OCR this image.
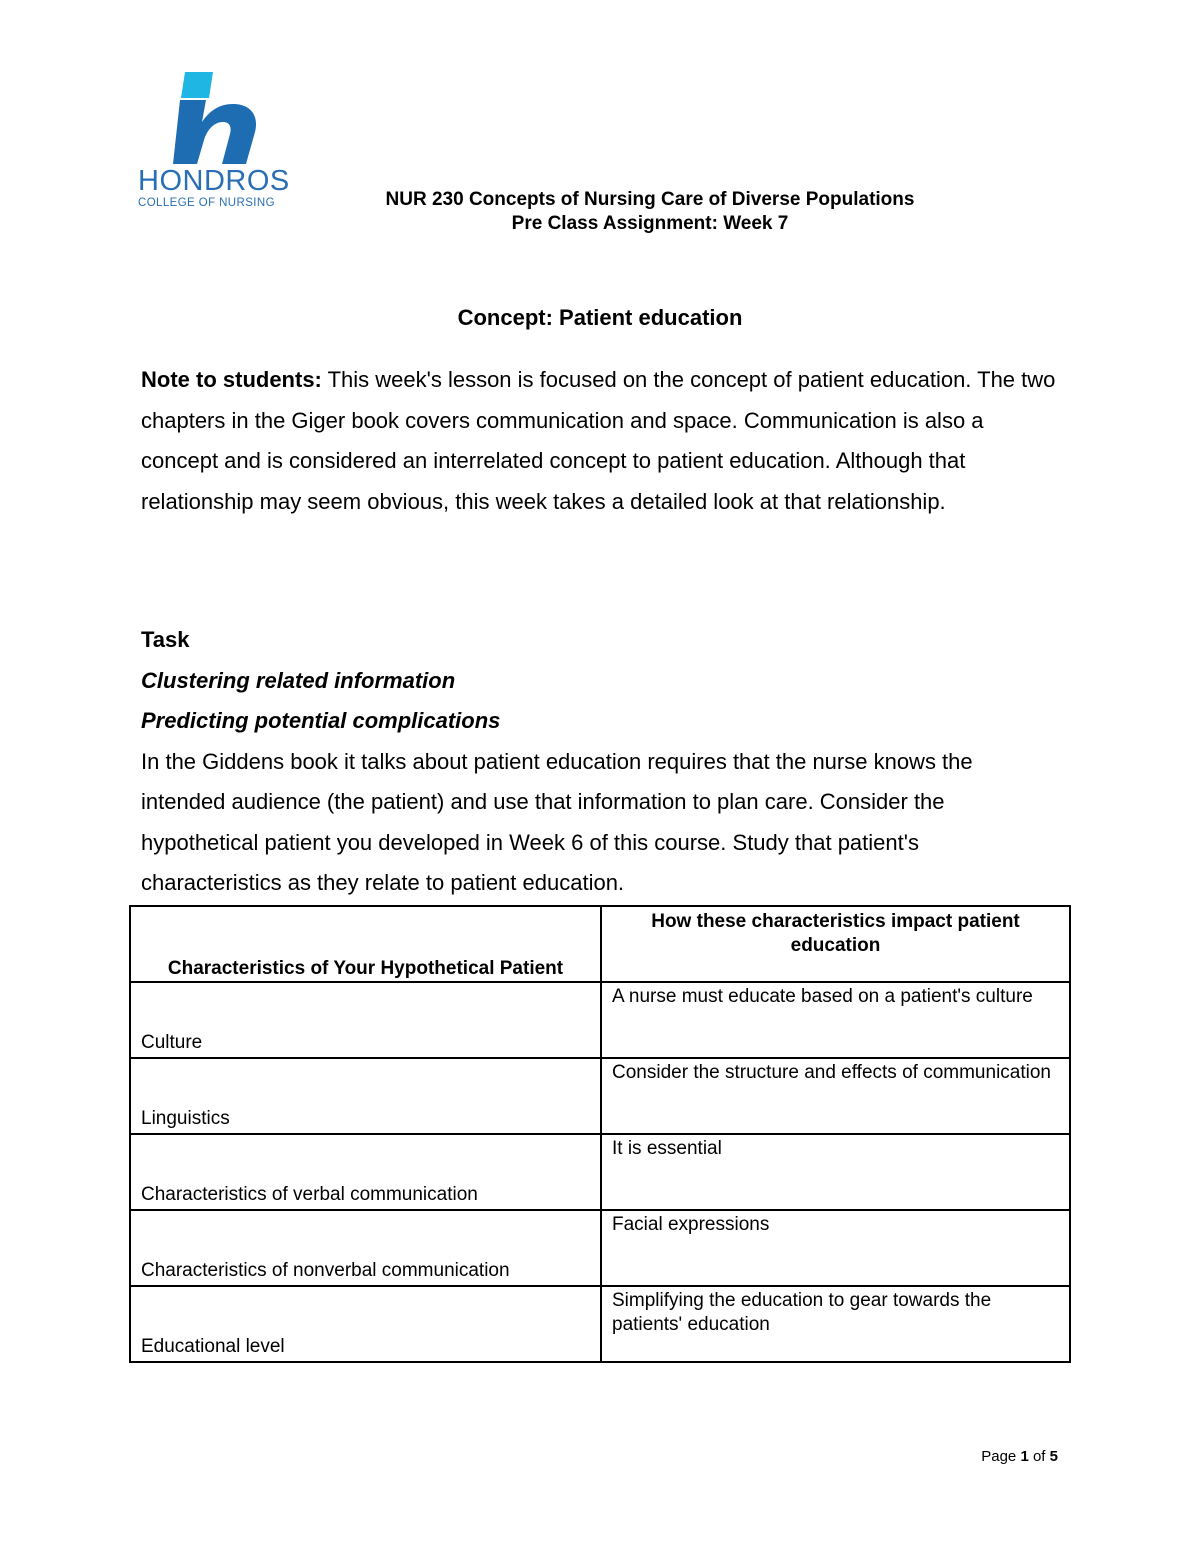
HONDROS
COLLEGE OF NURSING	NUR 230 Concepts of Nursing Care of Diverse Populations
Pre Class Assignment: Week 7
Concept: Patient education
Note to students: This week's lesson is focused on the concept of patient education. The two chapters in the Giger book covers communication and space. Communication is also a concept and is considered an interrelated concept to patient education. Although that relationship may seem obvious, this week takes a detailed look at that relationship.
Task
Clustering related information
Predicting potential complications
In the Giddens book it talks about patient education requires that the nurse knows the intended audience (the patient) and use that information to plan care. Consider the hypothetical patient you developed in Week 6 of this course. Study that patient's characteristics as they relate to patient education.
Characteristics of Your Hypothetical Patient	How these characteristics impact patient education
Culture	A nurse must educate based on a patient's culture
Linguistics	Consider the structure and effects of communication
Characteristics of verbal communication	It is essential
Characteristics of nonverbal communication	Facial expressions
Educational level	Simplifying the education to gear towards the patients' education
Page 1 of 5
